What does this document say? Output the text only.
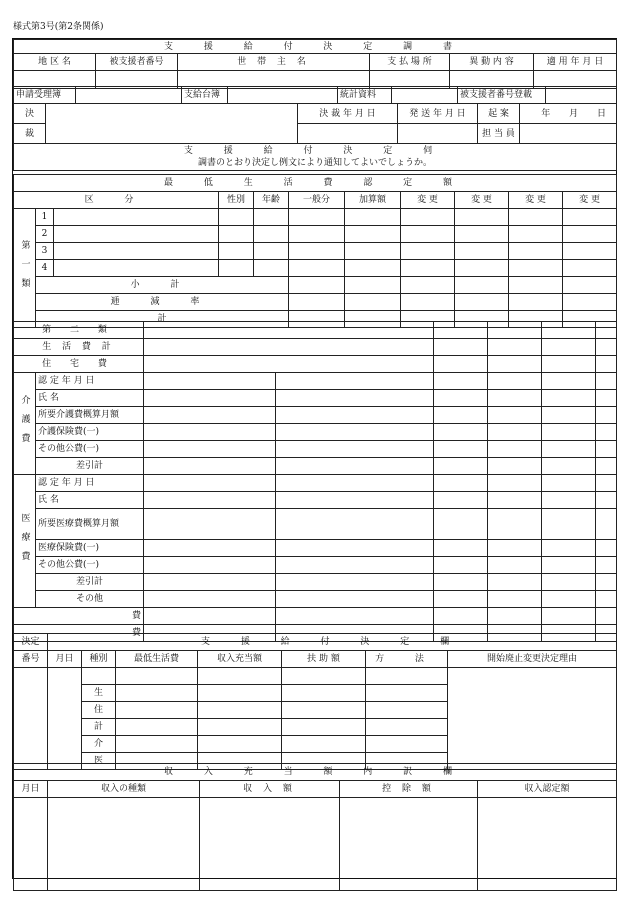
様式第3号(第2条関係)
支 援 給 付 決 定 調 書					
地 区 名	被支援者番号	世 帯 主 名	支 払 場 所	異 動 内 容	適 用 年 月 日

申請受理簿		支給台簿		統計資料		被支援者番号登載	
決		決 裁 年 月 日	発 送 年 月 日	起 案	年 月 日
裁				担 当 員	

支 援 給 付 決 定 伺
調書のとおり決定し例文により通知してよいでしょうか。					
最 低 生 活 費 認 定 額										
区 分			性別	年齢	一般分	加算額	変 更	変 更	変 更	変 更
第一類	1									
	2									
	3									
	4									
	小 計									
	逓 減 率									
	計									
第 二 類							
生 活 費 計							
住 宅 費							
介護費	認 定 年 月 日						
	氏 名						
	所要介護費概算月額						
	介護保険費(一)						
	その他公費(一)						
	差引計						
医療費	認 定 年 月 日						
	氏 名						
	所要医療費概算月額						
	医療保険費(一)						
	その他公費(一)						
	差引計						
	その他						
費							
費							
決定	支 援 給 付 決 定 欄						
番号	月日	種別	最低生活費	収入充当額	扶 助 額	方 法	開始廃止変更決定理由

		生					
		住					
		計					
		介					
		医					
収 入 充 当 額 内 訳 欄				
月日	収入の種類	収 入 額	控 除 額	収入認定額
